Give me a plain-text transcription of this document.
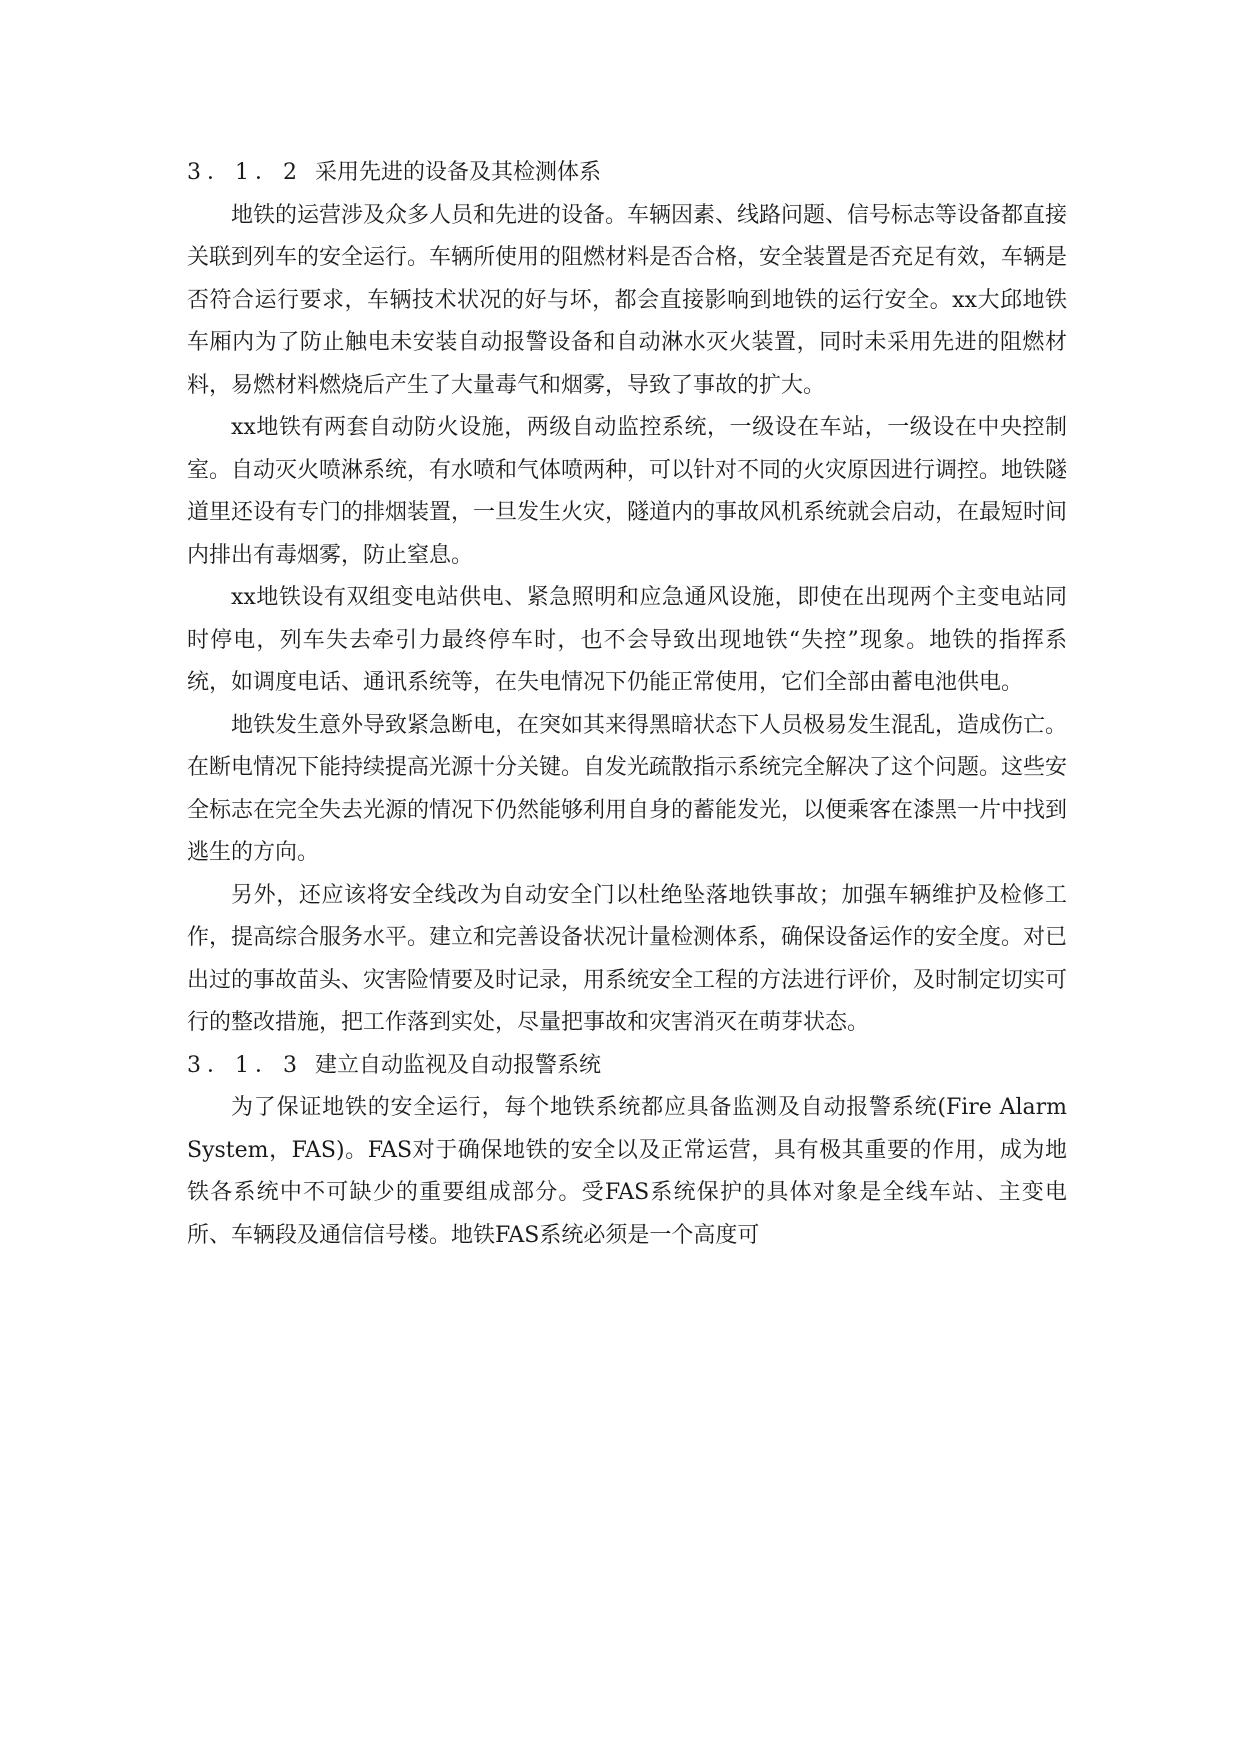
3．1．2 采用先进的设备及其检测体系

地铁的运营涉及众多人员和先进的设备。车辆因素、线路问题、信号标志等设备都直接关联到列车的安全运行。车辆所使用的阻燃材料是否合格，安全装置是否充足有效，车辆是否符合运行要求，车辆技术状况的好与坏，都会直接影响到地铁的运行安全。xx大邱地铁车厢内为了防止触电未安装自动报警设备和自动淋水灭火装置，同时未采用先进的阻燃材料，易燃材料燃烧后产生了大量毒气和烟雾，导致了事故的扩大。

xx地铁有两套自动防火设施，两级自动监控系统，一级设在车站，一级设在中央控制室。自动灭火喷淋系统，有水喷和气体喷两种，可以针对不同的火灾原因进行调控。地铁隧道里还设有专门的排烟装置，一旦发生火灾，隧道内的事故风机系统就会启动，在最短时间内排出有毒烟雾，防止窒息。

xx地铁设有双组变电站供电、紧急照明和应急通风设施，即使在出现两个主变电站同时停电，列车失去牵引力最终停车时，也不会导致出现地铁“失控”现象。地铁的指挥系统，如调度电话、通讯系统等，在失电情况下仍能正常使用，它们全部由蓄电池供电。

地铁发生意外导致紧急断电，在突如其来得黑暗状态下人员极易发生混乱，造成伤亡。在断电情况下能持续提高光源十分关键。自发光疏散指示系统完全解决了这个问题。这些安全标志在完全失去光源的情况下仍然能够利用自身的蓄能发光，以便乘客在漆黑一片中找到逃生的方向。

另外，还应该将安全线改为自动安全门以杜绝坠落地铁事故；加强车辆维护及检修工作，提高综合服务水平。建立和完善设备状况计量检测体系，确保设备运作的安全度。对已出过的事故苗头、灾害险情要及时记录，用系统安全工程的方法进行评价，及时制定切实可行的整改措施，把工作落到实处，尽量把事故和灾害消灭在萌芽状态。

3．1．3 建立自动监视及自动报警系统

为了保证地铁的安全运行，每个地铁系统都应具备监测及自动报警系统(Fire Alarm System，FAS)。FAS对于确保地铁的安全以及正常运营，具有极其重要的作用，成为地铁各系统中不可缺少的重要组成部分。受FAS系统保护的具体对象是全线车站、主变电所、车辆段及通信信号楼。地铁FAS系统必须是一个高度可
